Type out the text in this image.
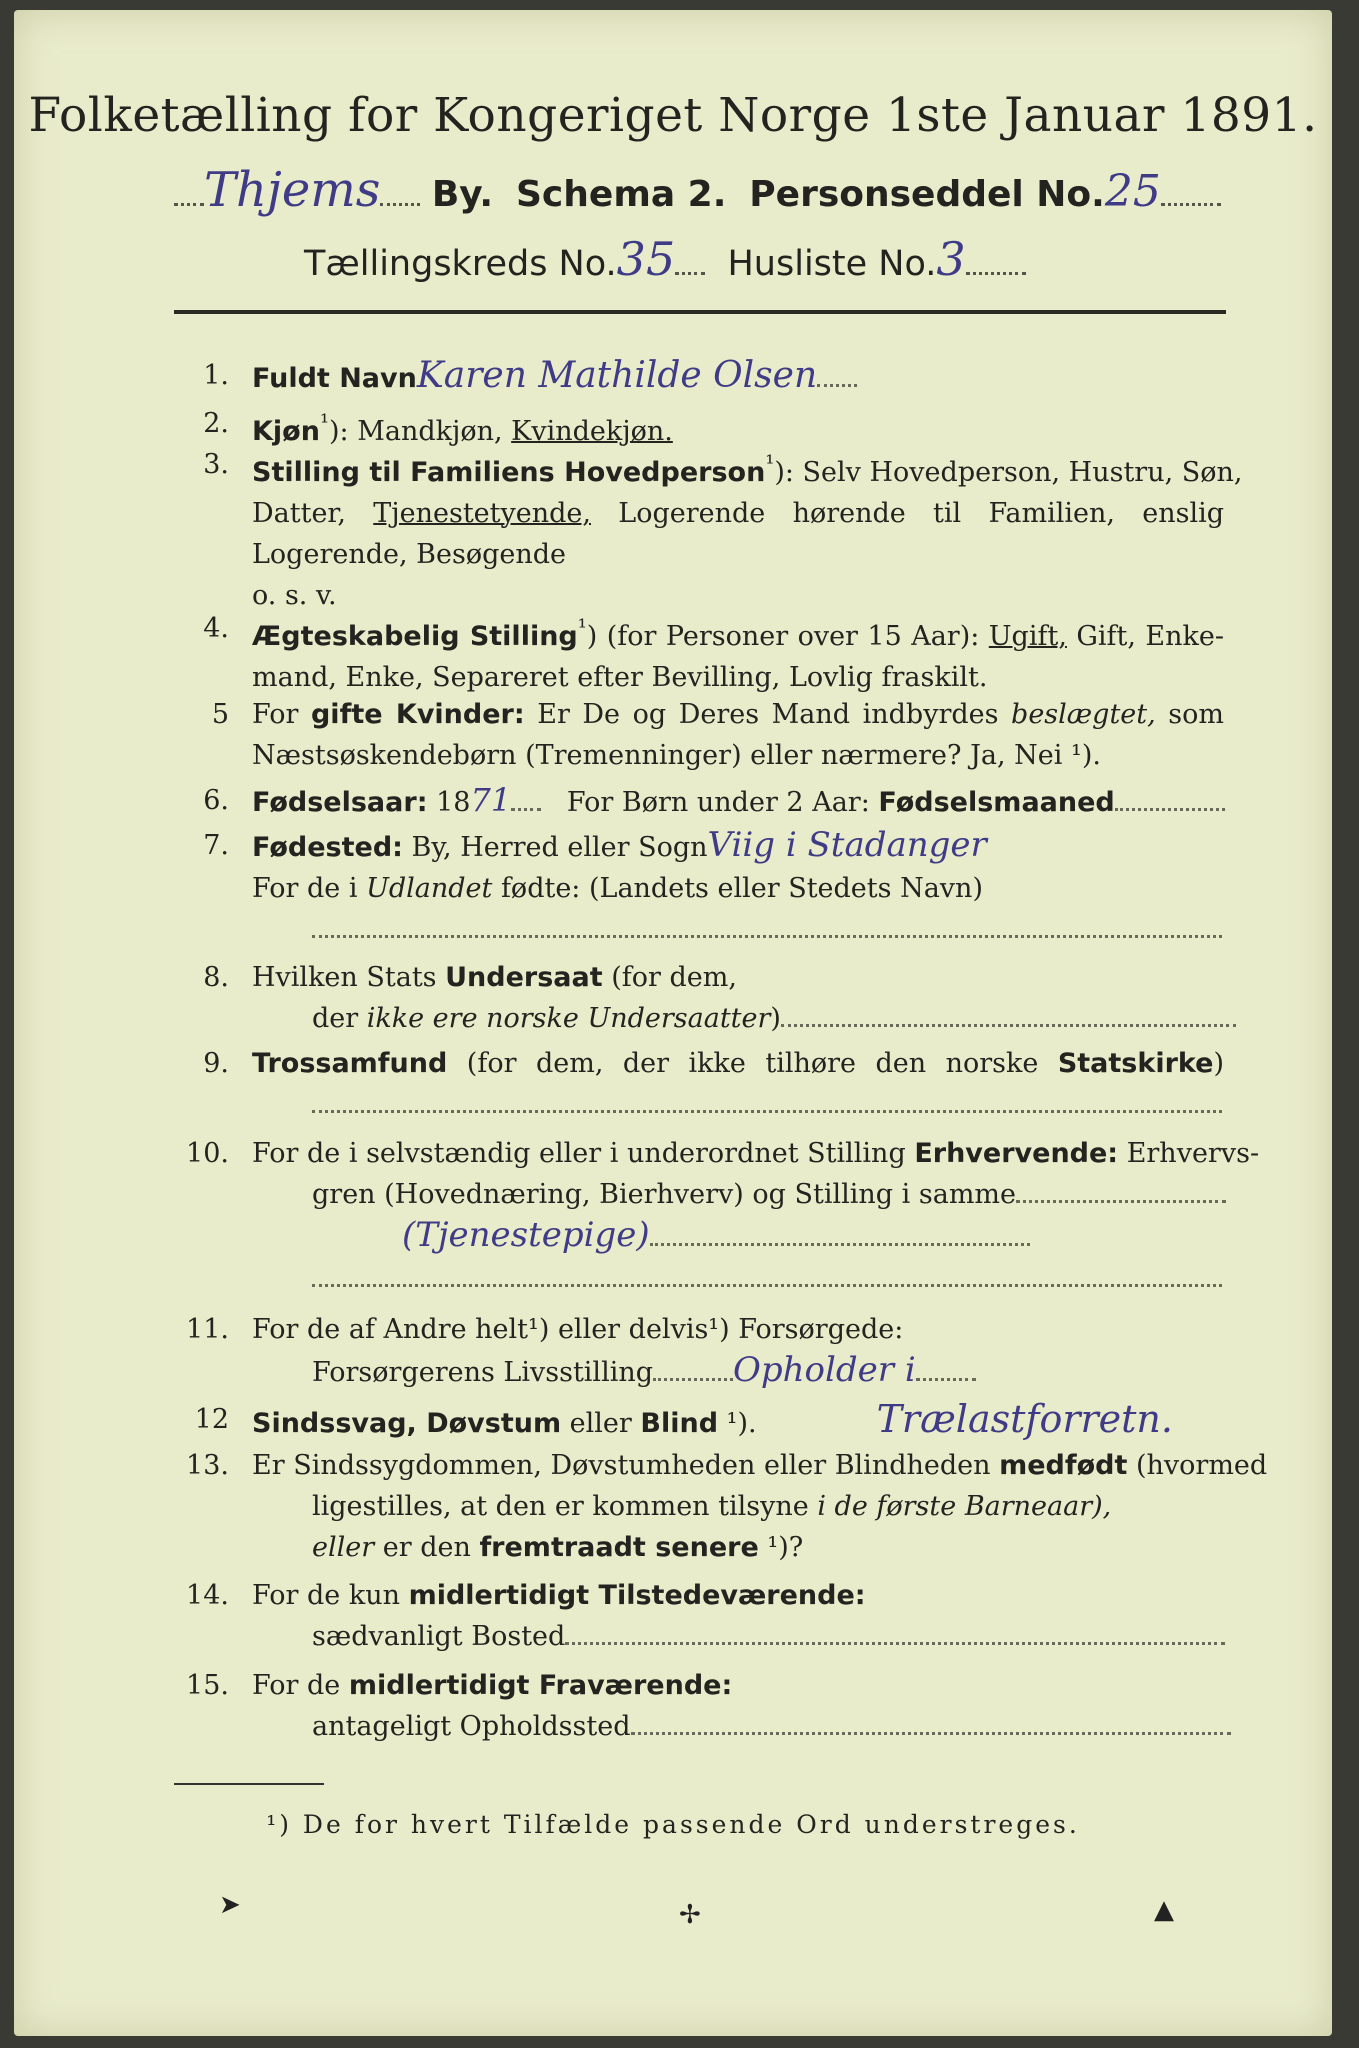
Folketælling for Kongeriget Norge 1ste Januar 1891.
Thjems By. Schema 2. Personseddel No.25
Tællingskreds No.35 Husliste No.3
1. Fuldt NavnKaren Mathilde Olsen
2. Kjøn$^{^1}$): Mandkjøn, Kvindekjøn.
3. Stilling til Familiens Hovedperson$^{^1}$): Selv Hovedperson, Hustru, Søn,
Datter, Tjenestetyende, Logerende hørende til Familien, enslig
Logerende, Besøgende
o. s. v.
4. Ægteskabelig Stilling$^{^1}$) (for Personer over 15 Aar): Ugift, Gift, Enke-
mand, Enke, Separeret efter Bevilling, Lovlig fraskilt.
5 For gifte Kvinder: Er De og Deres Mand indbyrdes beslægtet, som
Næstsøskendebørn (Tremenninger) eller nærmere? Ja, Nei ¹).
6. Fødselsaar: 1871 For Børn under 2 Aar: Fødselsmaaned
7. Fødested: By, Herred eller SognViig i Stadanger
For de i Udlandet fødte: (Landets eller Stedets Navn)
8. Hvilken Stats Undersaat (for dem,
der ikke ere norske Undersaatter)
9. Trossamfund (for dem, der ikke tilhøre den norske Statskirke)
10. For de i selvstændig eller i underordnet Stilling Erhvervende: Erhvervs-
gren (Hovednæring, Bierhverv) og Stilling i samme
(Tjenestepige)
11. For de af Andre helt¹) eller delvis¹) Forsørgede:
Forsørgerens Livsstilling Opholder i
12 Sindssvag, Døvstum eller Blind ¹).	Trælastforretn.
13. Er Sindssygdommen, Døvstumheden eller Blindheden medfødt (hvormed
ligestilles, at den er kommen tilsyne i de første Barneaar),
eller er den fremtraadt senere ¹)?
14. For de kun midlertidigt Tilstedeværende:
sædvanligt Bosted
15. For de midlertidigt Fraværende:
antageligt Opholdssted
¹) De for hvert Tilfælde passende Ord understreges.
➤	✢	▲
